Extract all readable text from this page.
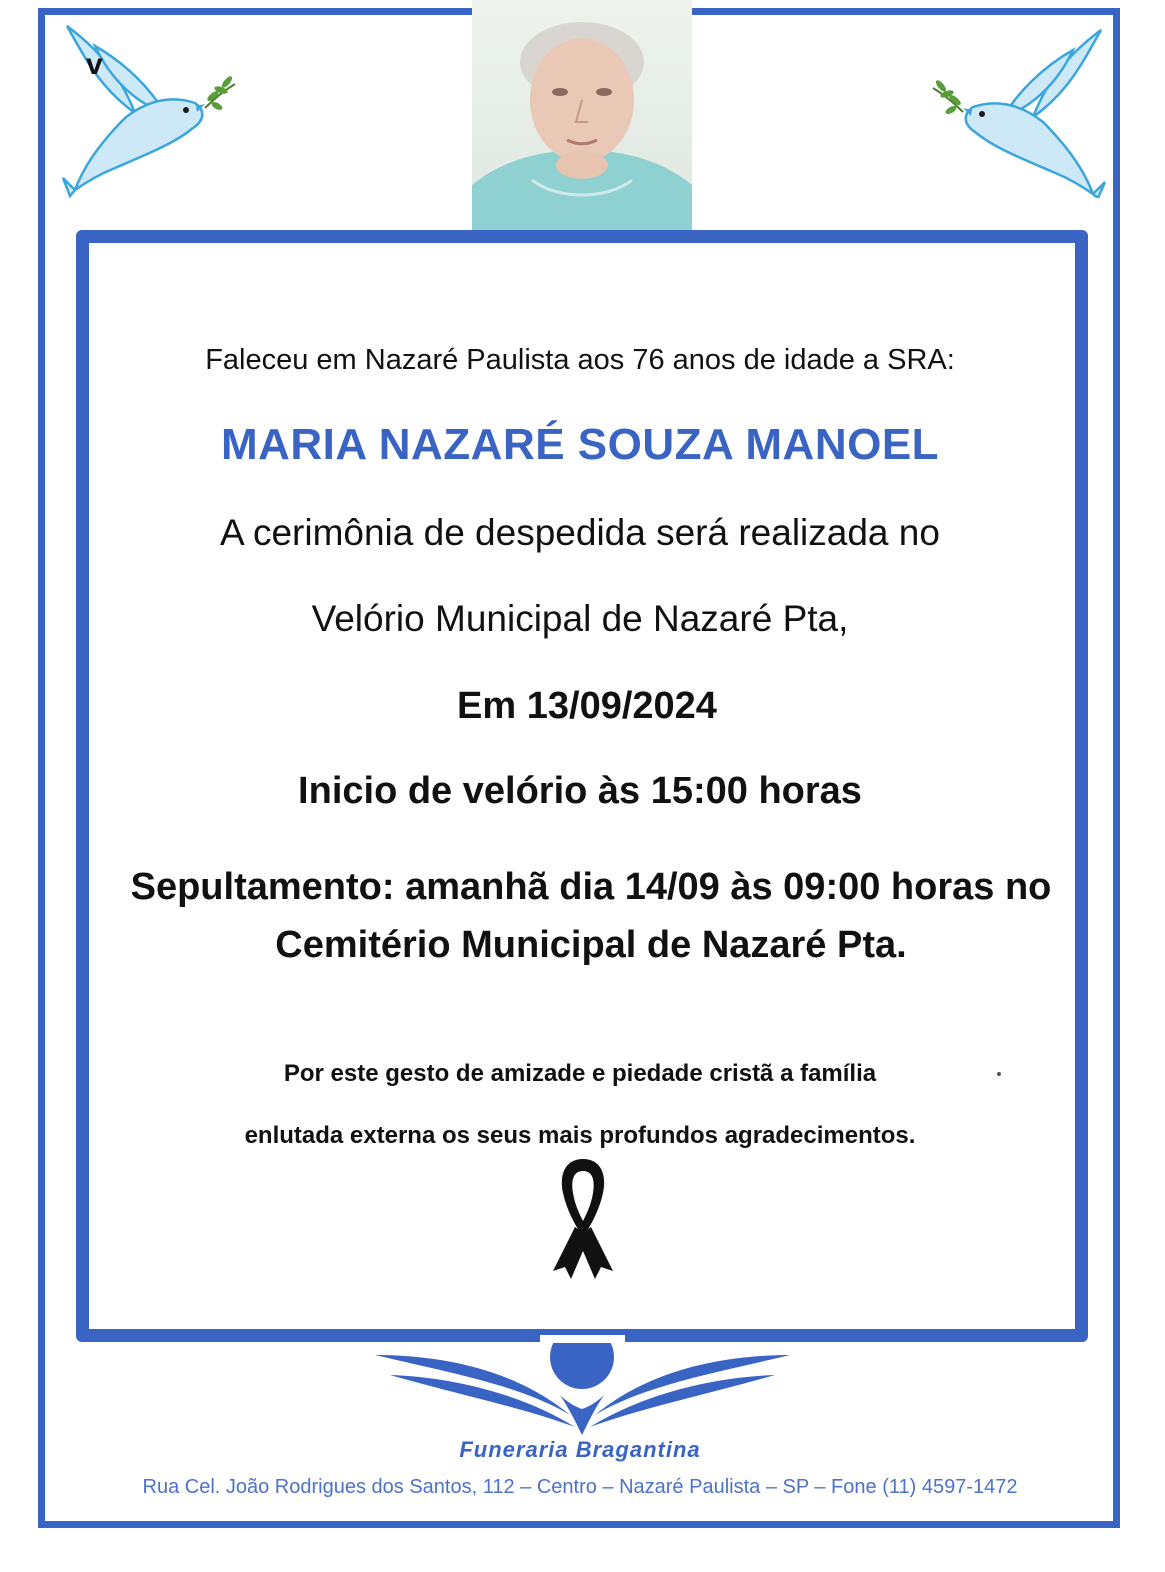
v
Faleceu em Nazaré Paulista aos 76 anos de idade a SRA:
MARIA NAZARÉ SOUZA MANOEL
A cerimônia de despedida será realizada no
Velório Municipal de Nazaré Pta,
Em 13/09/2024
Inicio de velório às 15:00 horas
Sepultamento: amanhã dia 14/09 às 09:00 horas no Cemitério Municipal de Nazaré Pta.
Por este gesto de amizade e piedade cristã a família
enlutada externa os seus mais profundos agradecimentos.
Funeraria Bragantina
Rua Cel. João Rodrigues dos Santos, 112 – Centro – Nazaré Paulista – SP – Fone (11) 4597-1472
